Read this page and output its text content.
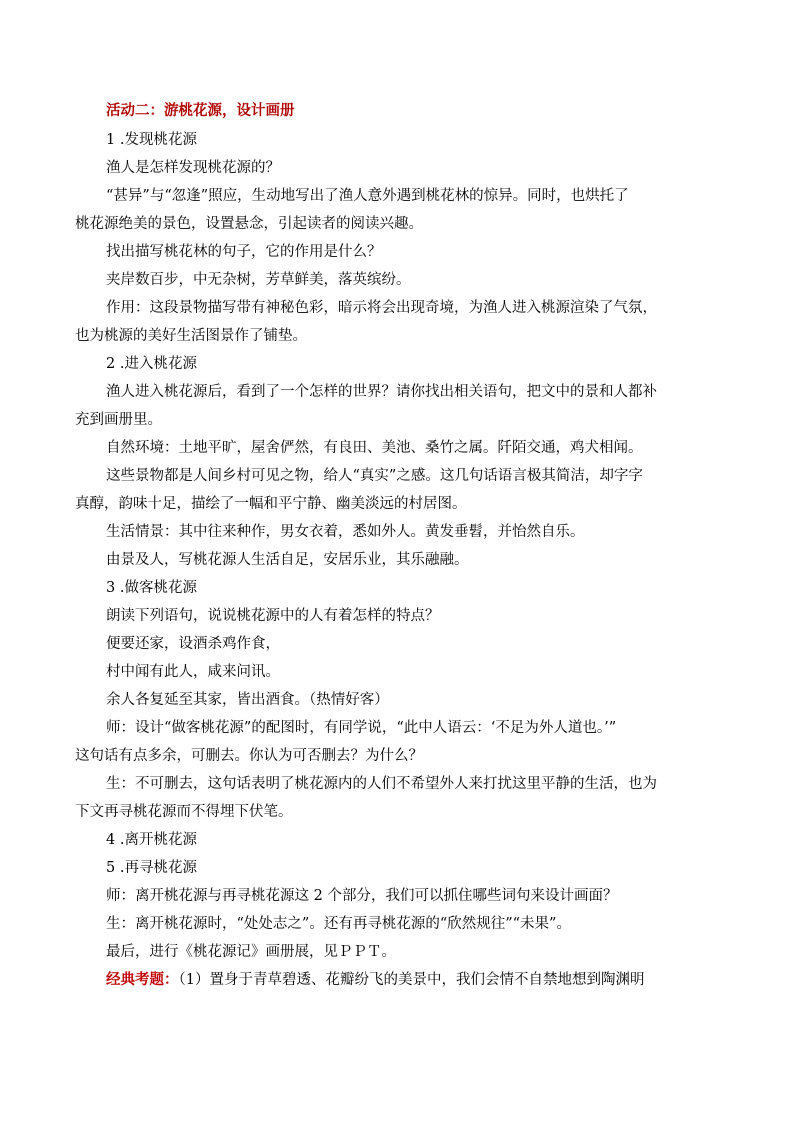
活动二：游桃花源，设计画册
1 .发现桃花源
渔人是怎样发现桃花源的？
“甚异”与“忽逢”照应，生动地写出了渔人意外遇到桃花林的惊异。同时，也烘托了
桃花源绝美的景色，设置悬念，引起读者的阅读兴趣。
找出描写桃花林的句子，它的作用是什么？
夹岸数百步，中无杂树，芳草鲜美，落英缤纷。
作用：这段景物描写带有神秘色彩，暗示将会出现奇境，为渔人进入桃源渲染了气氛，
也为桃源的美好生活图景作了铺垫。
2 .进入桃花源
渔人进入桃花源后，看到了一个怎样的世界？请你找出相关语句，把文中的景和人都补
充到画册里。
自然环境：土地平旷，屋舍俨然，有良田、美池、桑竹之属。阡陌交通，鸡犬相闻。
这些景物都是人间乡村可见之物，给人“真实”之感。这几句话语言极其简洁，却字字
真醇，韵味十足，描绘了一幅和平宁静、幽美淡远的村居图。
生活情景：其中往来种作，男女衣着，悉如外人。黄发垂髫，并怡然自乐。
由景及人，写桃花源人生活自足，安居乐业，其乐融融。
3 .做客桃花源
朗读下列语句，说说桃花源中的人有着怎样的特点？
便要还家，设酒杀鸡作食，
村中闻有此人，咸来问讯。
余人各复延至其家，皆出酒食。（热情好客）
师：设计“做客桃花源”的配图时，有同学说，“此中人语云：‘不足为外人道也。’”
这句话有点多余，可删去。你认为可否删去？为什么？
生：不可删去，这句话表明了桃花源内的人们不希望外人来打扰这里平静的生活，也为
下文再寻桃花源而不得埋下伏笔。
4 .离开桃花源
5 .再寻桃花源
师：离开桃花源与再寻桃花源这 2 个部分，我们可以抓住哪些词句来设计画面？
生：离开桃花源时，“处处志之”。还有再寻桃花源的“欣然规往”“未果”。
最后，进行《桃花源记》画册展，见ＰＰＴ。
经典考题：（1）置身于青草碧透、花瓣纷飞的美景中，我们会情不自禁地想到陶渊明
